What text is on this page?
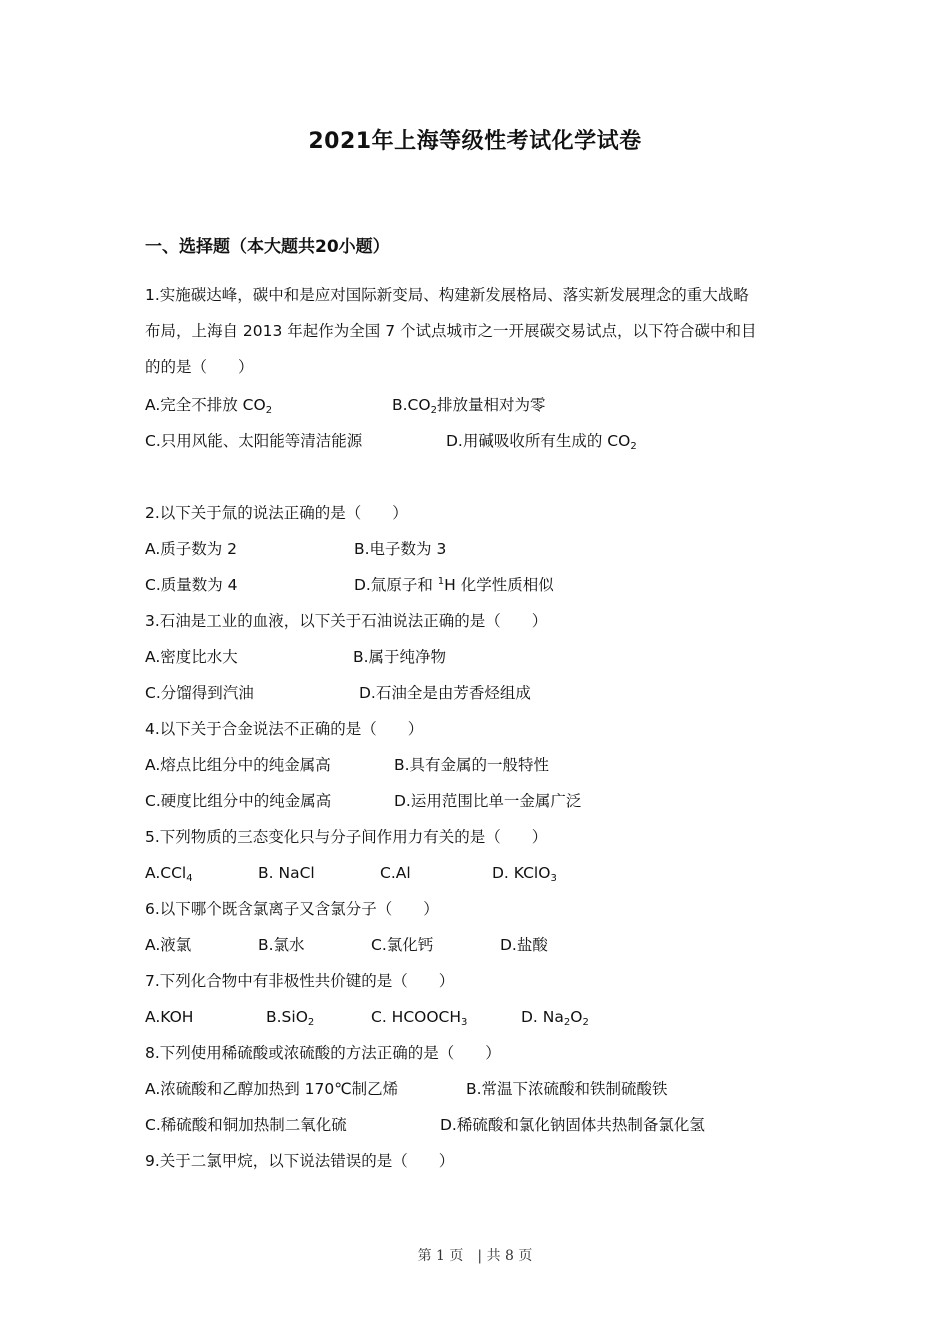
2021年上海等级性考试化学试卷
一、选择题（本大题共20小题）
1.实施碳达峰，碳中和是应对国际新变局、构建新发展格局、落实新发展理念的重大战略
布局，上海自 2013 年起作为全国 7 个试点城市之一开展碳交易试点，以下符合碳中和目
的的是（　　）
A.完全不排放 $CO_2$	$B.CO_2$排放量相对为零
C.只用风能、太阳能等清洁能源	D.用碱吸收所有生成的 $CO_2$
2.以下关于氚的说法正确的是（　　）
A.质子数为 2	B.电子数为 3
C.质量数为 4	D.氚原子和 $^1$H 化学性质相似
3.石油是工业的血液，以下关于石油说法正确的是（　　）
A.密度比水大	B.属于纯净物
C.分馏得到汽油	D.石油全是由芳香烃组成
4.以下关于合金说法不正确的是（　　）
A.熔点比组分中的纯金属高	B.具有金属的一般特性
C.硬度比组分中的纯金属高	D.运用范围比单一金属广泛
5.下列物质的三态变化只与分子间作用力有关的是（　　）
A.CCl$_4$	B. NaCl	C.Al	D. KClO$_3$
6.以下哪个既含氯离子又含氯分子（　　）
A.液氯	B.氯水	C.氯化钙	D.盐酸
7.下列化合物中有非极性共价键的是（　　）
A.KOH	B.SiO$_2$	C. $HCOOCH_3$	D. $Na_2O_2$
8.下列使用稀硫酸或浓硫酸的方法正确的是（　　）
A.浓硫酸和乙醇加热到 170℃制乙烯	B.常温下浓硫酸和铁制硫酸铁
C.稀硫酸和铜加热制二氧化硫	D.稀硫酸和氯化钠固体共热制备氯化氢
9.关于二氯甲烷，以下说法错误的是（　　）
第 1 页　| 共 8 页
